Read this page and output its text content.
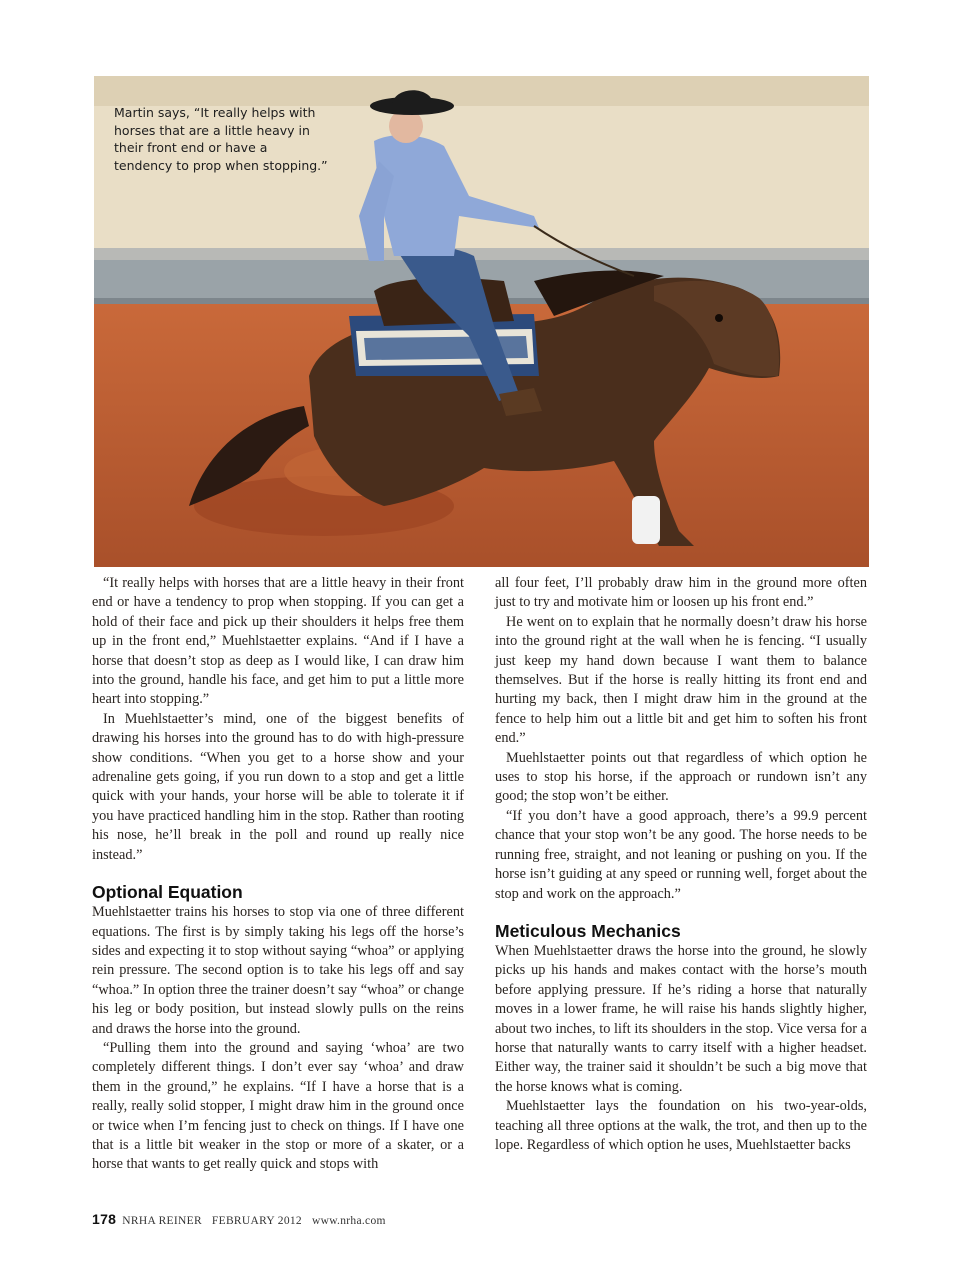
Martin says, “It really helps with horses that are a little heavy in their front end or have a tendency to prop when stopping.”

“It really helps with horses that are a little heavy in their front end or have a tendency to prop when stopping. If you can get a hold of their face and pick up their shoulders it helps free them up in the front end,” Muehlstaetter explains. “And if I have a horse that doesn’t stop as deep as I would like, I can draw him into the ground, handle his face, and get him to put a little more heart into stopping.”

In Muehlstaetter’s mind, one of the biggest benefits of drawing his horses into the ground has to do with high-pressure show conditions. “When you get to a horse show and your adrenaline gets going, if you run down to a stop and get a little quick with your hands, your horse will be able to tolerate it if you have practiced handling him in the stop. Rather than rooting his nose, he’ll break in the poll and round up really nice instead.”

Optional Equation

Muehlstaetter trains his horses to stop via one of three different equations. The first is by simply taking his legs off the horse’s sides and expecting it to stop without saying “whoa” or applying rein pressure. The second option is to take his legs off and say “whoa.” In option three the trainer doesn’t say “whoa” or change his leg or body position, but instead slowly pulls on the reins and draws the horse into the ground.

“Pulling them into the ground and saying ‘whoa’ are two completely different things. I don’t ever say ‘whoa’ and draw them in the ground,” he explains. “If I have a horse that is a really, really solid stopper, I might draw him in the ground once or twice when I’m fencing just to check on things. If I have one that is a little bit weaker in the stop or more of a skater, or a horse that wants to get really quick and stops with

all four feet, I’ll probably draw him in the ground more often just to try and motivate him or loosen up his front end.”

He went on to explain that he normally doesn’t draw his horse into the ground right at the wall when he is fencing. “I usually just keep my hand down because I want them to balance themselves. But if the horse is really hitting its front end and hurting my back, then I might draw him in the ground at the fence to help him out a little bit and get him to soften his front end.”

Muehlstaetter points out that regardless of which option he uses to stop his horse, if the approach or rundown isn’t any good; the stop won’t be either.

“If you don’t have a good approach, there’s a 99.9 percent chance that your stop won’t be any good. The horse needs to be running free, straight, and not leaning or pushing on you. If the horse isn’t guiding at any speed or running well, forget about the stop and work on the approach.”

Meticulous Mechanics

When Muehlstaetter draws the horse into the ground, he slowly picks up his hands and makes contact with the horse’s mouth before applying pressure. If he’s riding a horse that naturally moves in a lower frame, he will raise his hands slightly higher, about two inches, to lift its shoulders in the stop. Vice versa for a horse that naturally wants to carry itself with a higher headset. Either way, the trainer said it shouldn’t be such a big move that the horse knows what is coming.

Muehlstaetter lays the foundation on his two-year-olds, teaching all three options at the walk, the trot, and then up to the lope. Regardless of which option he uses, Muehlstaetter backs

178 NRHA REINER FEBRUARY 2012 www.nrha.com
